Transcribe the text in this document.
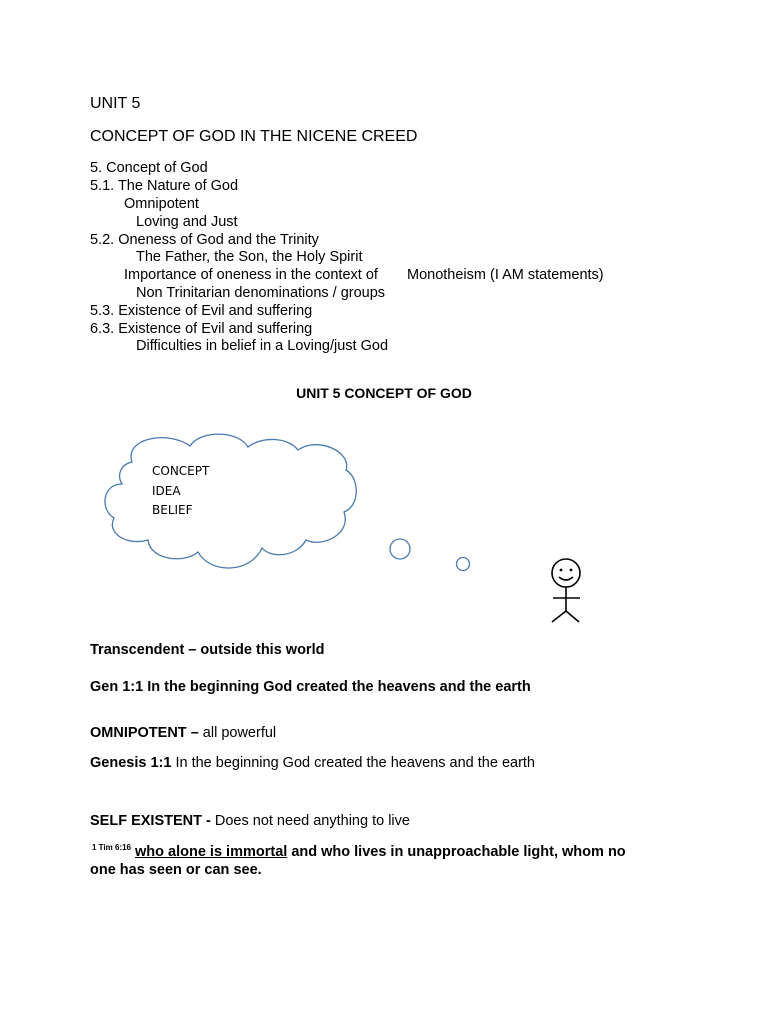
UNIT 5
CONCEPT OF GOD IN THE NICENE CREED
5. Concept of God
5.1. The Nature of God
Omnipotent
Loving and Just
5.2. Oneness of God and the Trinity
The Father, the Son, the Holy Spirit
Importance of oneness in the context of Monotheism (I AM statements)
Non Trinitarian denominations / groups
5.3. Existence of Evil and suffering
6.3. Existence of Evil and suffering
Difficulties in belief in a Loving/just God
UNIT 5 CONCEPT OF GOD
CONCEPT
IDEA
BELIEF
Transcendent – outside this world
Gen 1:1 In the beginning God created the heavens and the earth
OMNIPOTENT – all powerful
Genesis 1:1 In the beginning God created the heavens and the earth
SELF EXISTENT - Does not need anything to live
$^{1 Tim 6:16}$ who alone is immortal and who lives in unapproachable light, whom no
one has seen or can see.
